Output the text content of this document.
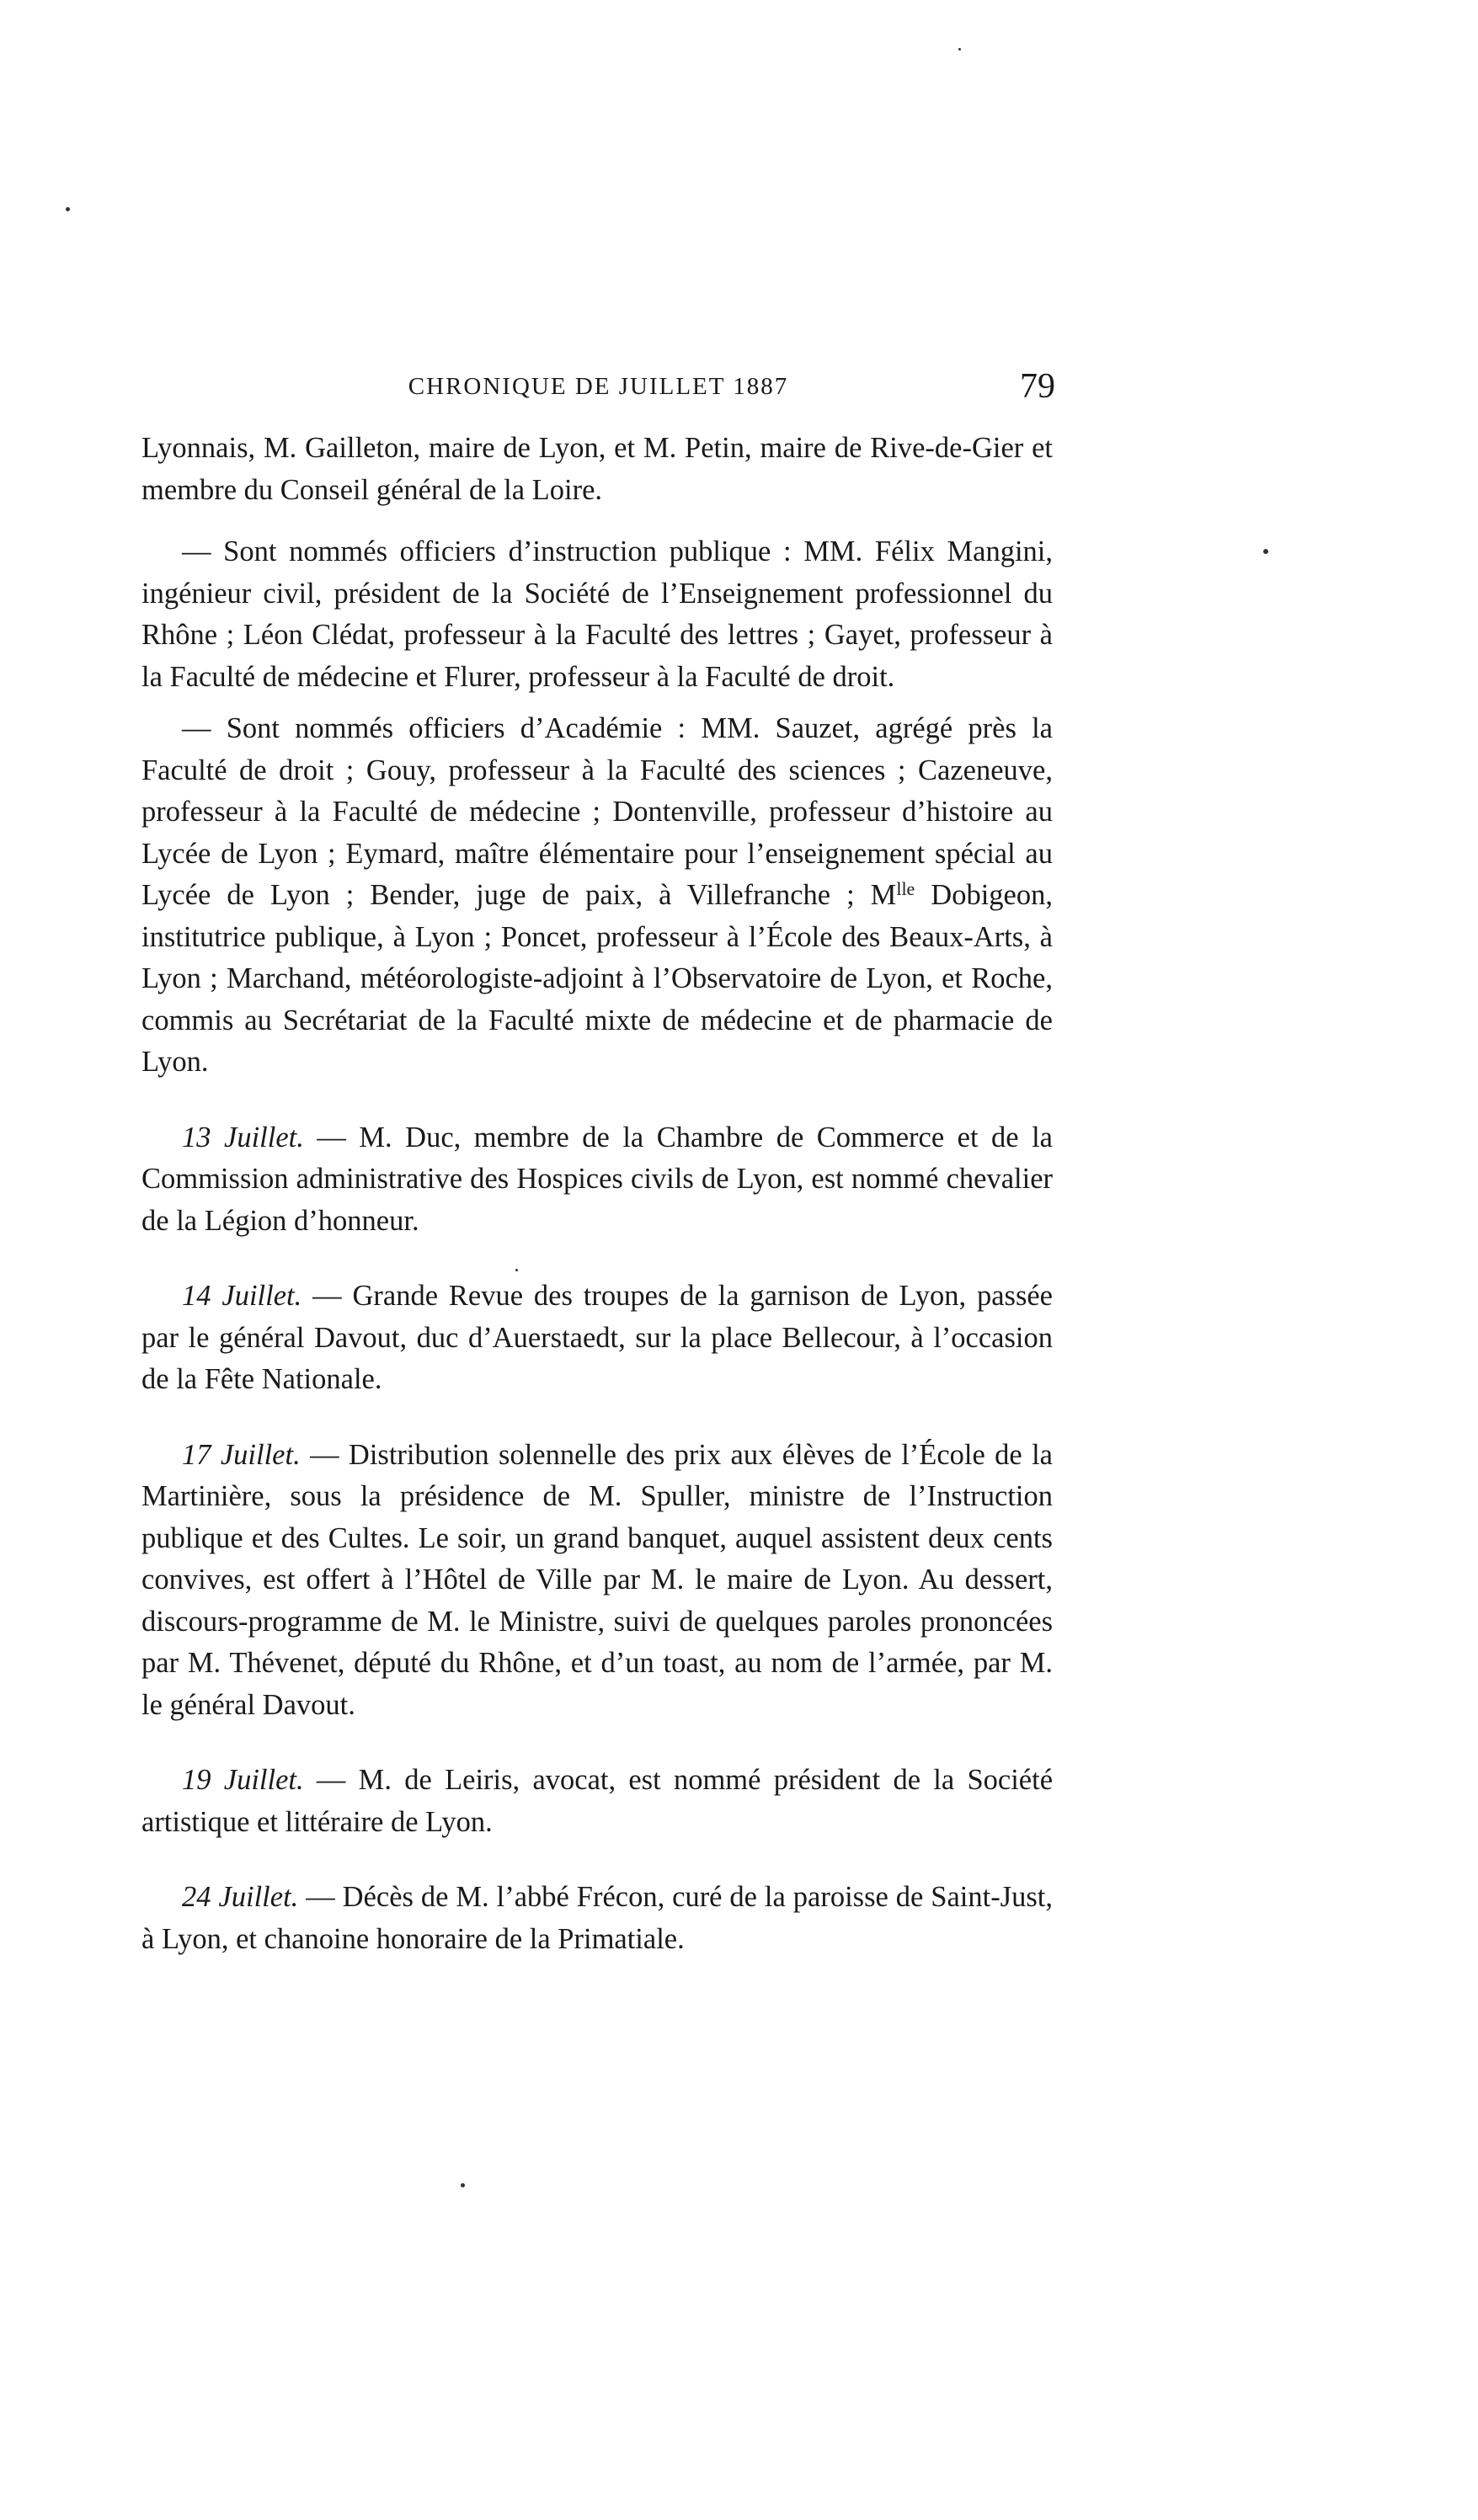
CHRONIQUE DE JUILLET 1887	79

Lyonnais, M. Gailleton, maire de Lyon, et M. Petin, maire de Rive-de-Gier et membre du Conseil général de la Loire.

— Sont nommés officiers d’instruction publique : MM. Félix Mangini, ingénieur civil, président de la Société de l’Enseignement professionnel du Rhône ; Léon Clédat, professeur à la Faculté des lettres ; Gayet, professeur à la Faculté de médecine et Flurer, professeur à la Faculté de droit.

— Sont nommés officiers d’Académie : MM. Sauzet, agrégé près la Faculté de droit ; Gouy, professeur à la Faculté des sciences ; Cazeneuve, professeur à la Faculté de médecine ; Dontenville, professeur d’histoire au Lycée de Lyon ; Eymard, maître élémentaire pour l’enseignement spécial au Lycée de Lyon ; Bender, juge de paix, à Villefranche ; $M^{lle}$ Dobigeon, institutrice publique, à Lyon ; Poncet, professeur à l’École des Beaux-Arts, à Lyon ; Marchand, météorologiste-adjoint à l’Observatoire de Lyon, et Roche, commis au Secrétariat de la Faculté mixte de médecine et de pharmacie de Lyon.

13 Juillet. — M. Duc, membre de la Chambre de Commerce et de la Commission administrative des Hospices civils de Lyon, est nommé chevalier de la Légion d’honneur.

14 Juillet. — Grande Revue des troupes de la garnison de Lyon, passée par le général Davout, duc d’Auerstaedt, sur la place Bellecour, à l’occasion de la Fête Nationale.

17 Juillet. — Distribution solennelle des prix aux élèves de l’École de la Martinière, sous la présidence de M. Spuller, ministre de l’Instruction publique et des Cultes. Le soir, un grand banquet, auquel assistent deux cents convives, est offert à l’Hôtel de Ville par M. le maire de Lyon. Au dessert, discours-programme de M. le Ministre, suivi de quelques paroles prononcées par M. Thévenet, député du Rhône, et d’un toast, au nom de l’armée, par M. le général Davout.

19 Juillet. — M. de Leiris, avocat, est nommé président de la Société artistique et littéraire de Lyon.

24 Juillet. — Décès de M. l’abbé Frécon, curé de la paroisse de Saint-Just, à Lyon, et chanoine honoraire de la Primatiale.
